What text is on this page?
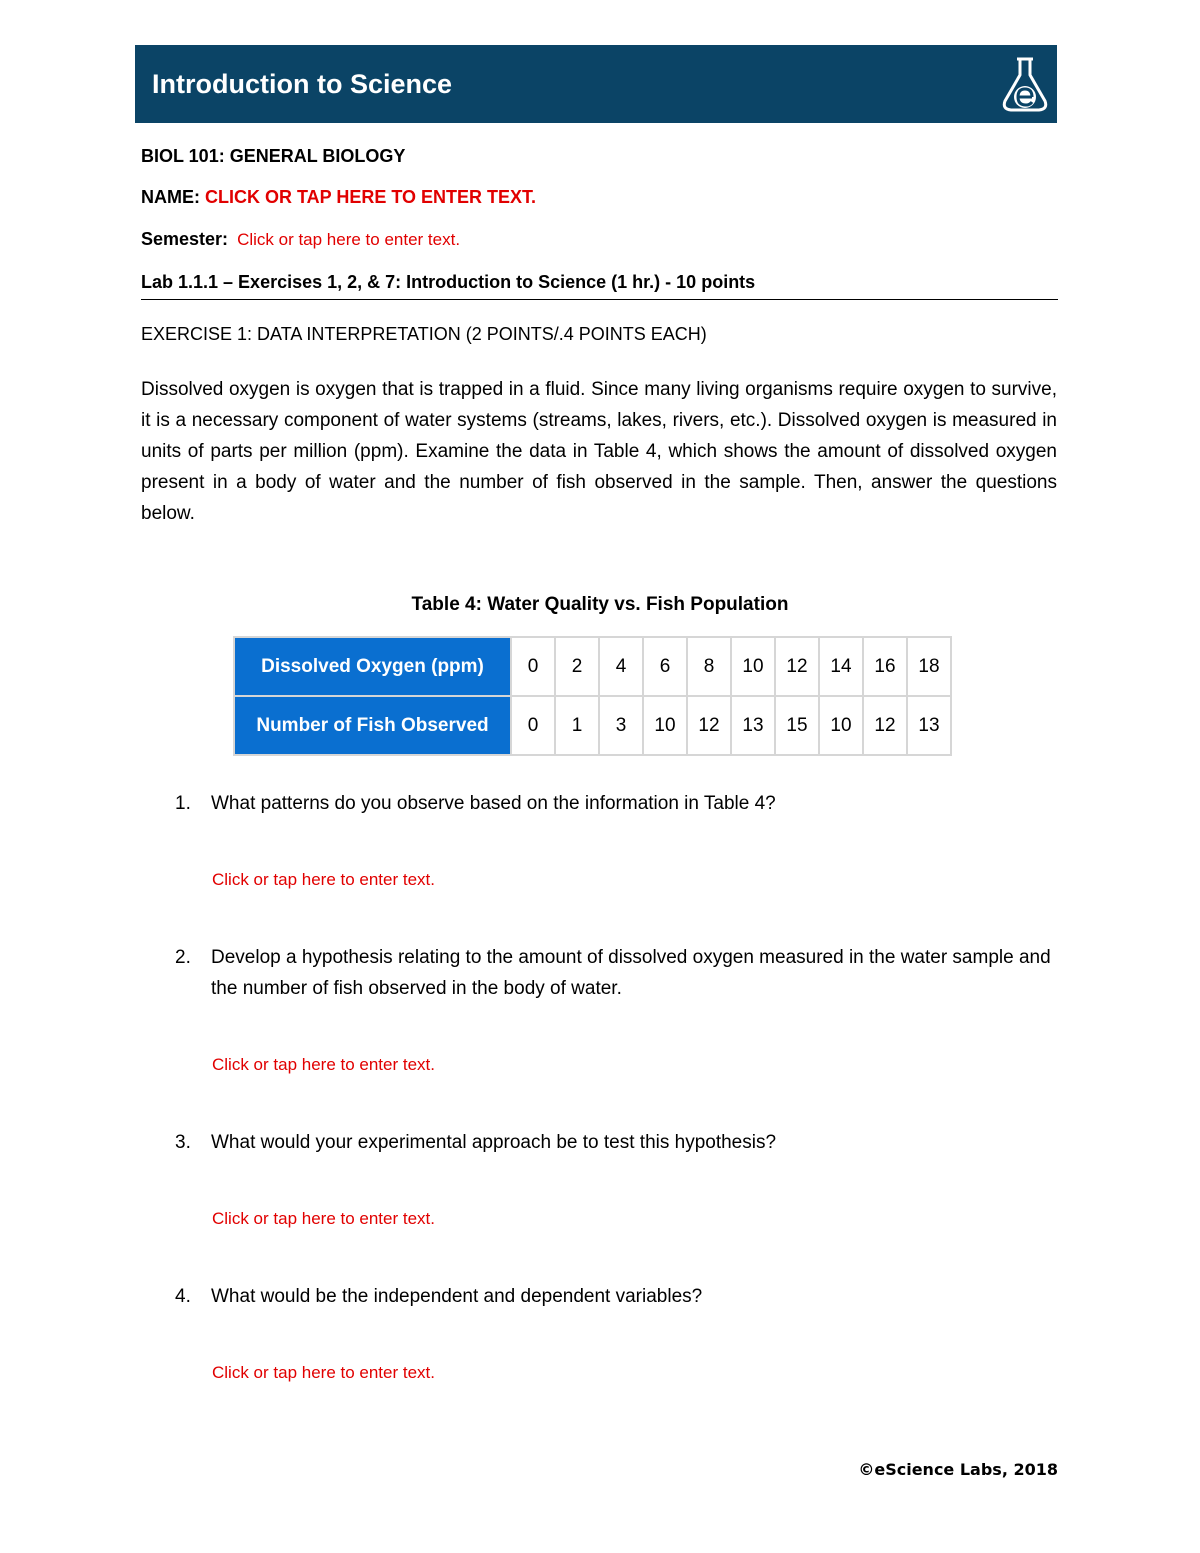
Introduction to Science
BIOL 101: GENERAL BIOLOGY
NAME: CLICK OR TAP HERE TO ENTER TEXT.
Semester: Click or tap here to enter text.
Lab 1.1.1 – Exercises 1, 2, & 7: Introduction to Science (1 hr.) - 10 points
EXERCISE 1: DATA INTERPRETATION (2 POINTS/.4 POINTS EACH)
Dissolved oxygen is oxygen that is trapped in a fluid. Since many living organisms require oxygen to survive, it is a necessary component of water systems (streams, lakes, rivers, etc.). Dissolved oxygen is measured in units of parts per million (ppm). Examine the data in Table 4, which shows the amount of dissolved oxygen present in a body of water and the number of fish observed in the sample. Then, answer the questions below.
Table 4: Water Quality vs. Fish Population
Dissolved Oxygen (ppm)	0	2	4	6	8	10	12	14	16	18
Number of Fish Observed	0	1	3	10	12	13	15	10	12	13
1. What patterns do you observe based on the information in Table 4?
Click or tap here to enter text.
2. Develop a hypothesis relating to the amount of dissolved oxygen measured in the water sample and the number of fish observed in the body of water.
Click or tap here to enter text.
3. What would your experimental approach be to test this hypothesis?
Click or tap here to enter text.
4. What would be the independent and dependent variables?
Click or tap here to enter text.
©eScience Labs, 2018
